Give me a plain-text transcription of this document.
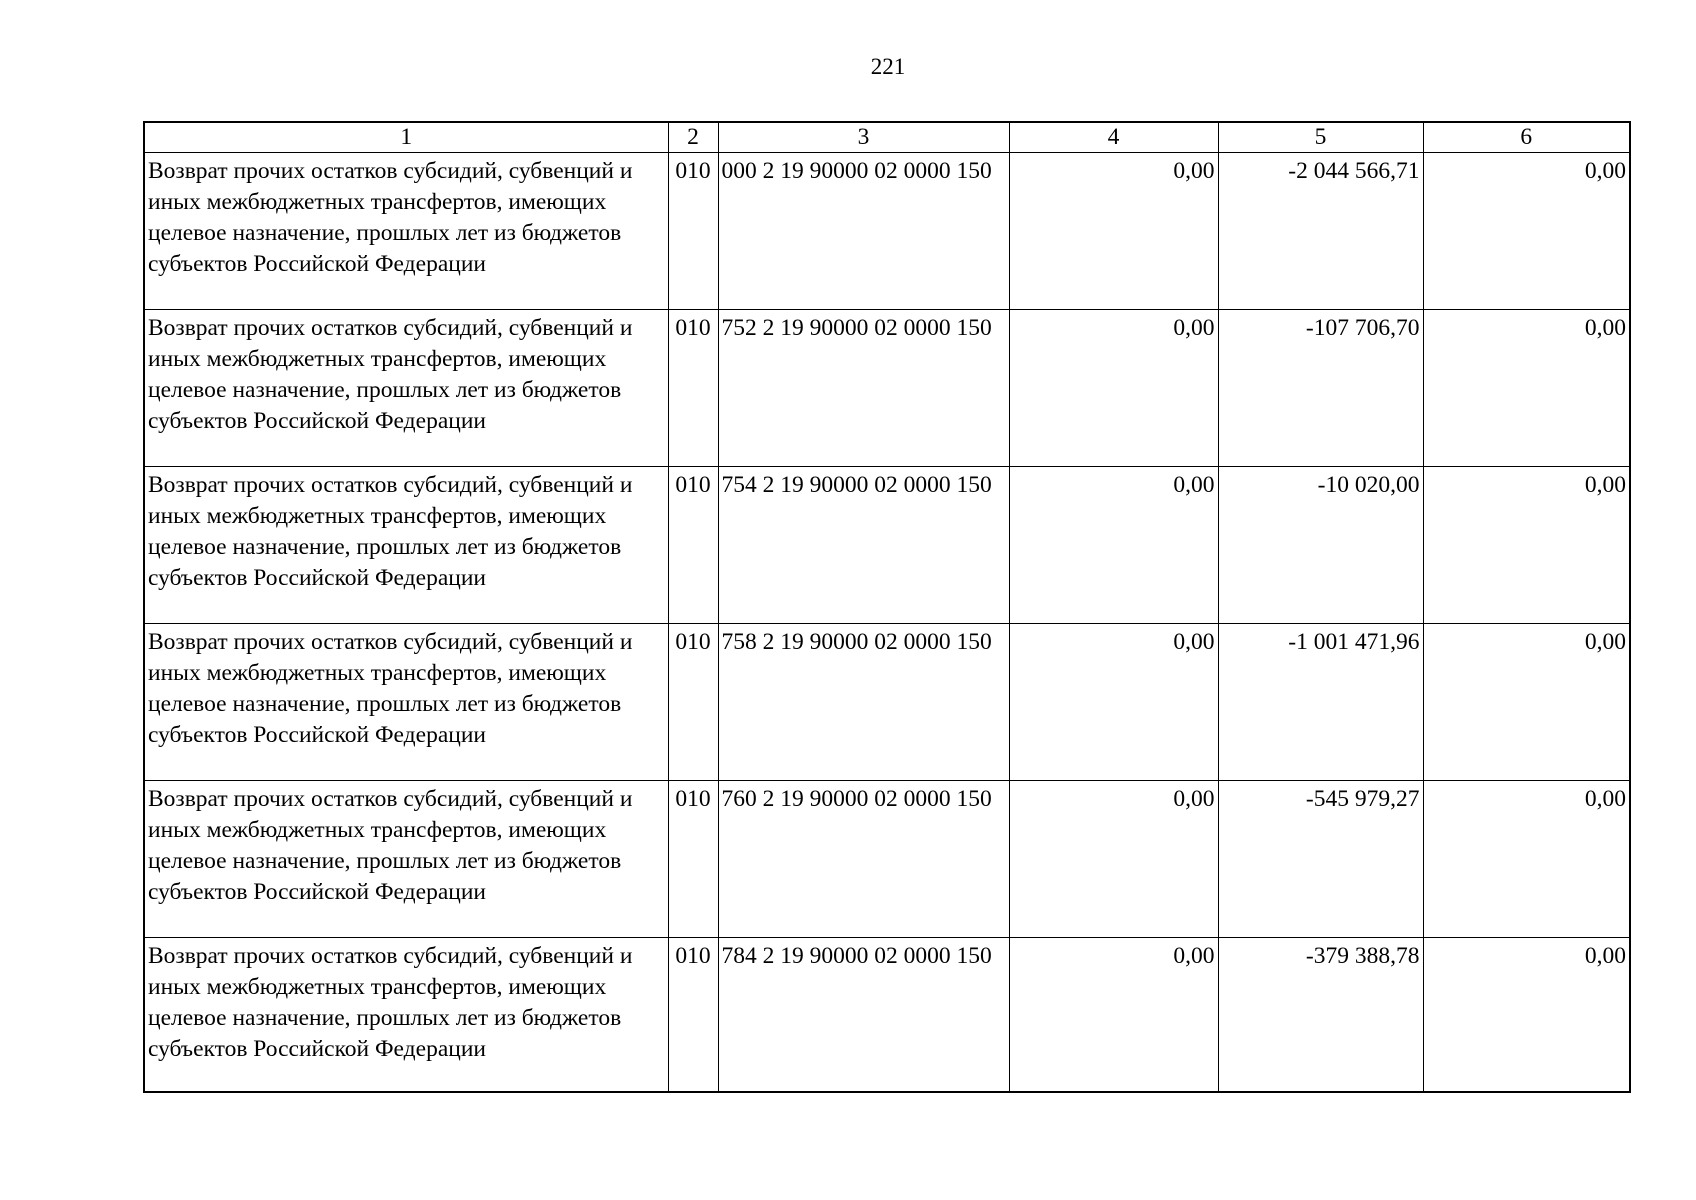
221
1	2	3	4	5	6
Возврат прочих остатков субсидий, субвенций и иных межбюджетных трансфертов, имеющих целевое назначение, прошлых лет из бюджетов субъектов Российской Федерации	010	000 2 19 90000 02 0000 150	0,00	-2 044 566,71	0,00
Возврат прочих остатков субсидий, субвенций и иных межбюджетных трансфертов, имеющих целевое назначение, прошлых лет из бюджетов субъектов Российской Федерации	010	752 2 19 90000 02 0000 150	0,00	-107 706,70	0,00
Возврат прочих остатков субсидий, субвенций и иных межбюджетных трансфертов, имеющих целевое назначение, прошлых лет из бюджетов субъектов Российской Федерации	010	754 2 19 90000 02 0000 150	0,00	-10 020,00	0,00
Возврат прочих остатков субсидий, субвенций и иных межбюджетных трансфертов, имеющих целевое назначение, прошлых лет из бюджетов субъектов Российской Федерации	010	758 2 19 90000 02 0000 150	0,00	-1 001 471,96	0,00
Возврат прочих остатков субсидий, субвенций и иных межбюджетных трансфертов, имеющих целевое назначение, прошлых лет из бюджетов субъектов Российской Федерации	010	760 2 19 90000 02 0000 150	0,00	-545 979,27	0,00
Возврат прочих остатков субсидий, субвенций и иных межбюджетных трансфертов, имеющих целевое назначение, прошлых лет из бюджетов субъектов Российской Федерации	010	784 2 19 90000 02 0000 150	0,00	-379 388,78	0,00
